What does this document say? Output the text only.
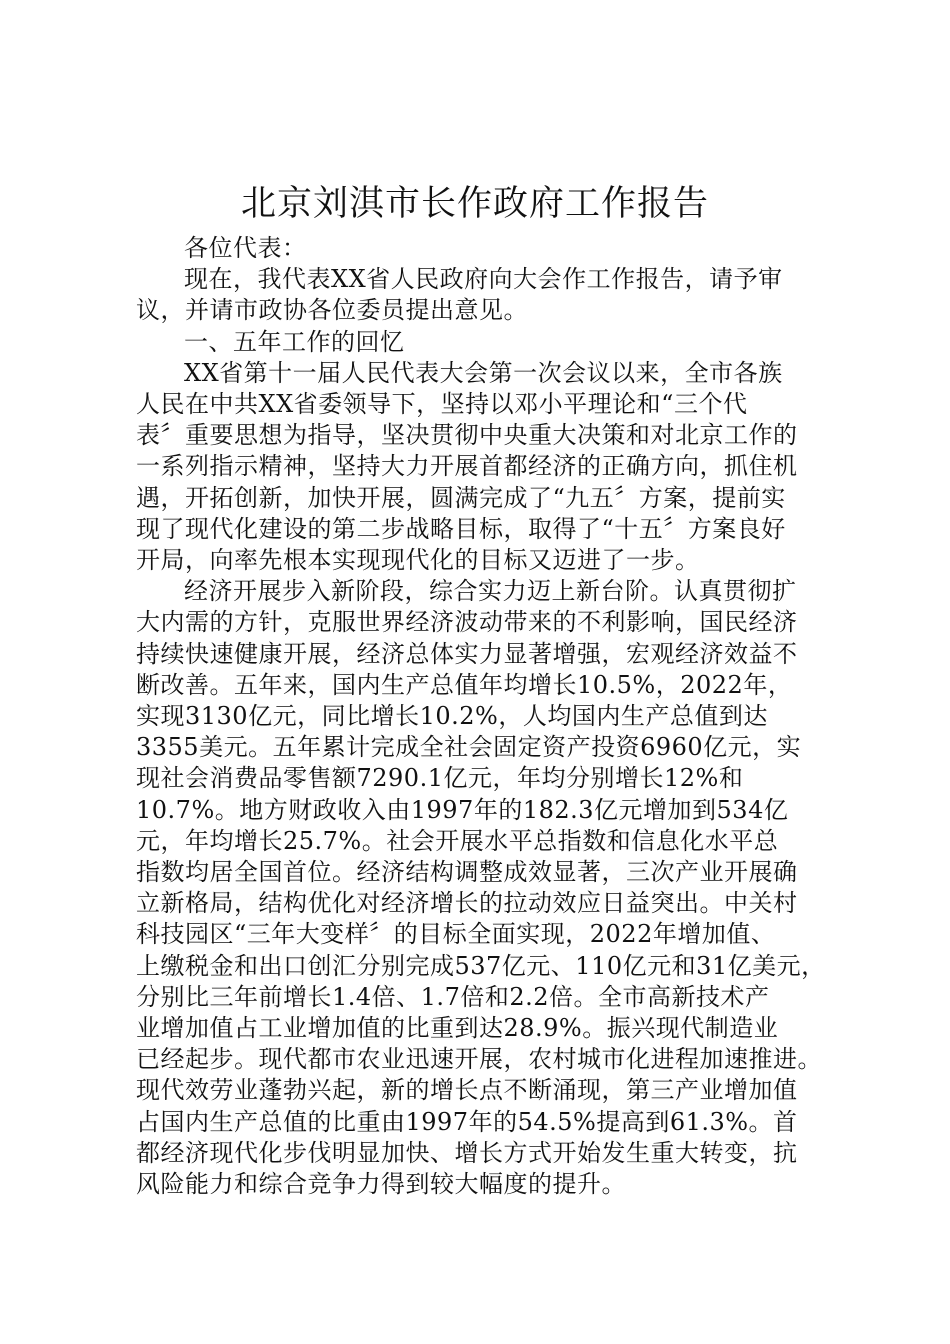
北京刘淇市长作政府工作报告

各位代表：

现在，我代表XX省人民政府向大会作工作报告，请予审

议，并请市政协各位委员提出意见。

一、五年工作的回忆

XX省第十一届人民代表大会第一次会议以来，全市各族

人民在中共XX省委领导下，坚持以邓小平理论和“三个代

表〞重要思想为指导，坚决贯彻中央重大决策和对北京工作的

一系列指示精神，坚持大力开展首都经济的正确方向，抓住机

遇，开拓创新，加快开展，圆满完成了“九五〞方案，提前实

现了现代化建设的第二步战略目标，取得了“十五〞方案良好

开局，向率先根本实现现代化的目标又迈进了一步。

经济开展步入新阶段，综合实力迈上新台阶。认真贯彻扩

大内需的方针，克服世界经济波动带来的不利影响，国民经济

持续快速健康开展，经济总体实力显著增强，宏观经济效益不

断改善。五年来，国内生产总值年均增长10.5%，2022年，

实现3130亿元，同比增长10.2%，人均国内生产总值到达

3355美元。五年累计完成全社会固定资产投资6960亿元，实

现社会消费品零售额7290.1亿元，年均分别增长12%和

10.7%。地方财政收入由1997年的182.3亿元增加到534亿

元，年均增长25.7%。社会开展水平总指数和信息化水平总

指数均居全国首位。经济结构调整成效显著，三次产业开展确

立新格局，结构优化对经济增长的拉动效应日益突出。中关村

科技园区“三年大变样〞的目标全面实现，2022年增加值、

上缴税金和出口创汇分别完成537亿元、110亿元和31亿美元，

分别比三年前增长1.4倍、1.7倍和2.2倍。全市高新技术产

业增加值占工业增加值的比重到达28.9%。振兴现代制造业

已经起步。现代都市农业迅速开展，农村城市化进程加速推进。

现代效劳业蓬勃兴起，新的增长点不断涌现，第三产业增加值

占国内生产总值的比重由1997年的54.5%提高到61.3%。首

都经济现代化步伐明显加快、增长方式开始发生重大转变，抗

风险能力和综合竞争力得到较大幅度的提升。
